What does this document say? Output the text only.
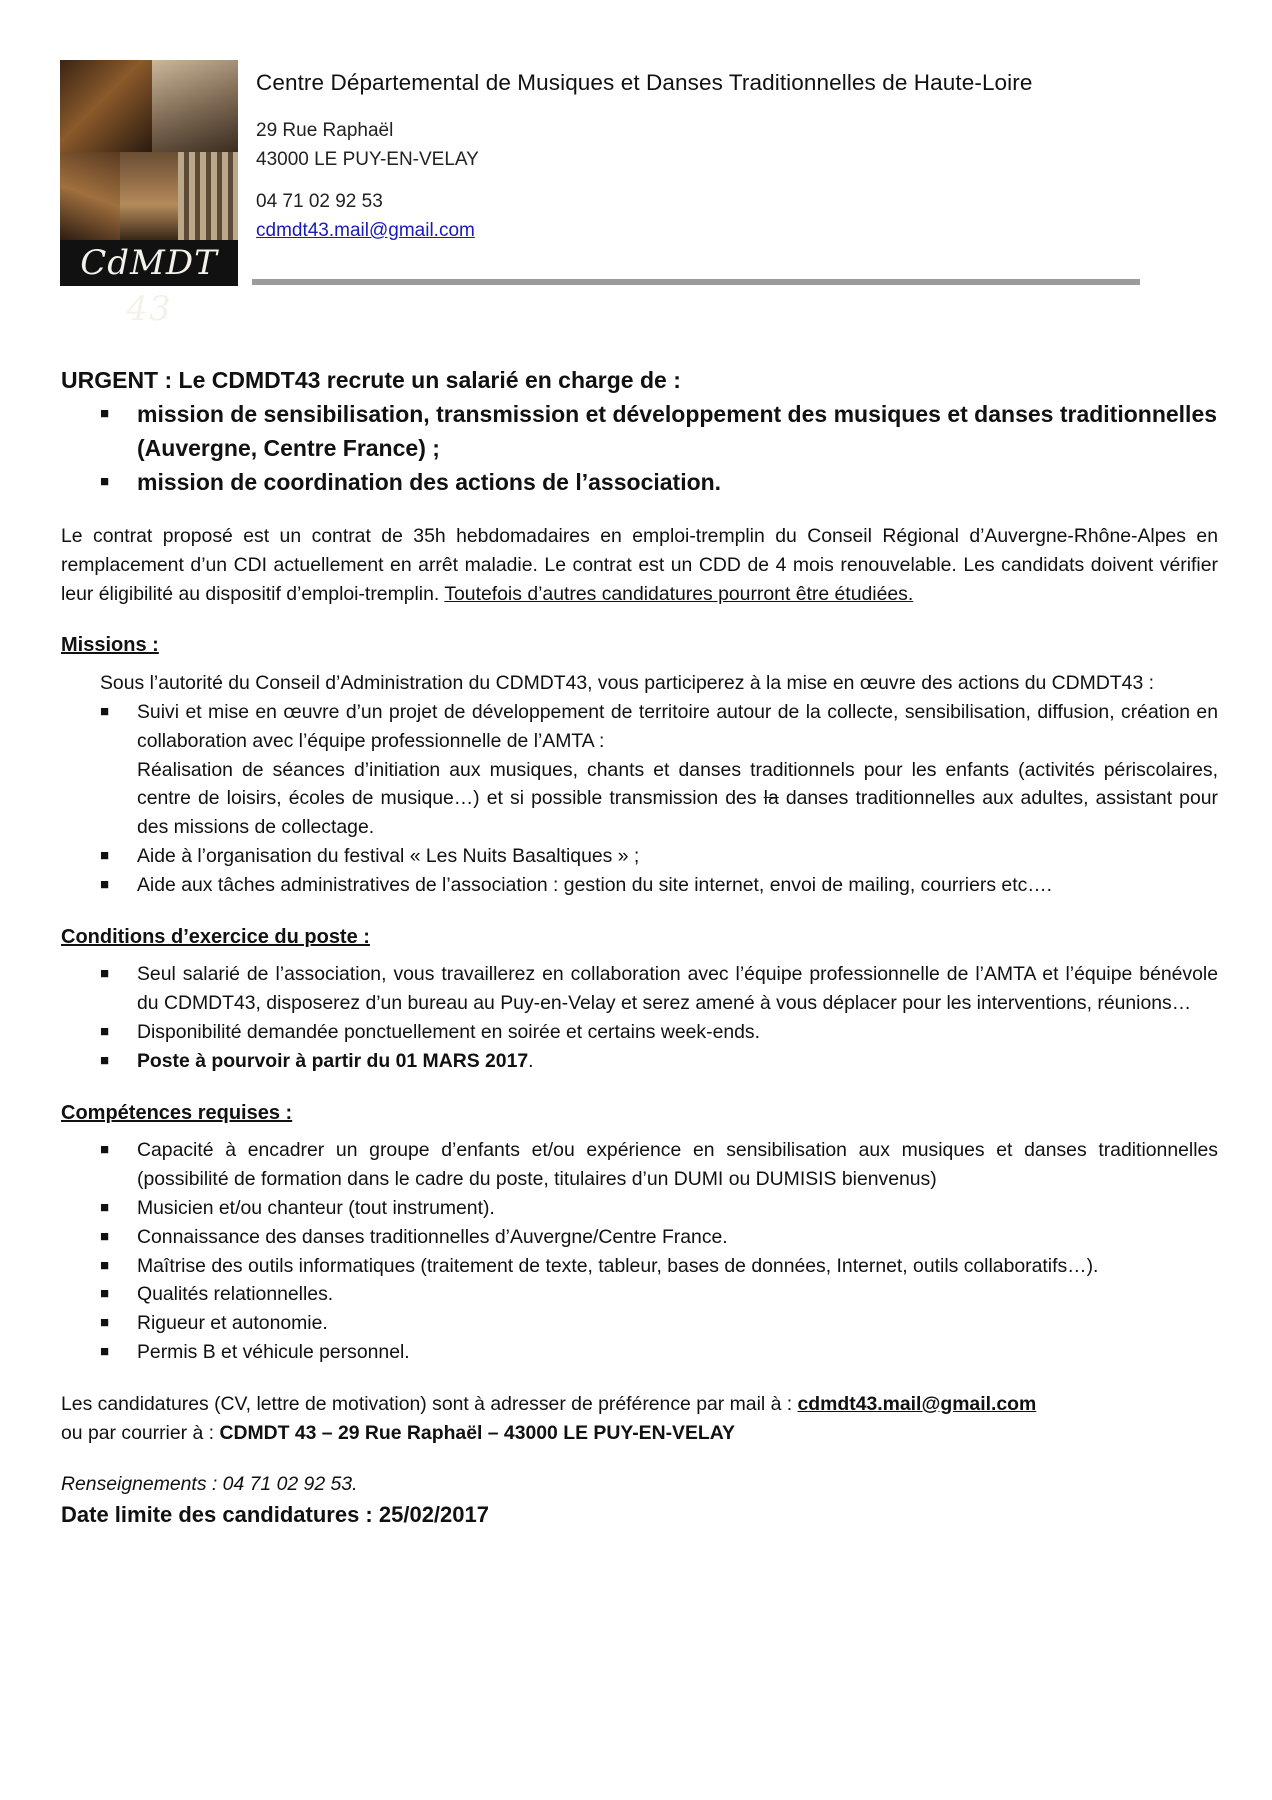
CdMDT 43
Centre Départemental de Musiques et Danses Traditionnelles de Haute-Loire
29 Rue Raphaël
43000 LE PUY-EN-VELAY
04 71 02 92 53
cdmdt43.mail@gmail.com

URGENT : Le CDMDT43 recrute un salarié en charge de :

■ mission de sensibilisation, transmission et développement des musiques et danses traditionnelles (Auvergne, Centre France) ;
■ mission de coordination des actions de l’association.

Le contrat proposé est un contrat de 35h hebdomadaires en emploi-tremplin du Conseil Régional d’Auvergne-Rhône-Alpes en remplacement d’un CDI actuellement en arrêt maladie. Le contrat est un CDD de 4 mois renouvelable. Les candidats doivent vérifier leur éligibilité au dispositif d’emploi-tremplin. Toutefois d’autres candidatures pourront être étudiées.

Missions :

Sous l’autorité du Conseil d’Administration du CDMDT43, vous participerez à la mise en œuvre des actions du CDMDT43 :

■ Suivi et mise en œuvre d’un projet de développement de territoire autour de la collecte, sensibilisation, diffusion, création en collaboration avec l’équipe professionnelle de l’AMTA :
Réalisation de séances d’initiation aux musiques, chants et danses traditionnels pour les enfants (activités périscolaires, centre de loisirs, écoles de musique…) et si possible transmission des la danses traditionnelles aux adultes, assistant pour des missions de collectage.
■ Aide à l’organisation du festival « Les Nuits Basaltiques » ;
■ Aide aux tâches administratives de l’association : gestion du site internet, envoi de mailing, courriers etc….

Conditions d’exercice du poste :

■ Seul salarié de l’association, vous travaillerez en collaboration avec l’équipe professionnelle de l’AMTA et l’équipe bénévole du CDMDT43, disposerez d’un bureau au Puy-en-Velay et serez amené à vous déplacer pour les interventions, réunions…
■ Disponibilité demandée ponctuellement en soirée et certains week-ends.
■ Poste à pourvoir à partir du 01 MARS 2017.

Compétences requises :

■ Capacité à encadrer un groupe d’enfants et/ou expérience en sensibilisation aux musiques et danses traditionnelles (possibilité de formation dans le cadre du poste, titulaires d’un DUMI ou DUMISIS bienvenus)
■ Musicien et/ou chanteur (tout instrument).
■ Connaissance des danses traditionnelles d’Auvergne/Centre France.
■ Maîtrise des outils informatiques (traitement de texte, tableur, bases de données, Internet, outils collaboratifs…).
■ Qualités relationnelles.
■ Rigueur et autonomie.
■ Permis B et véhicule personnel.

Les candidatures (CV, lettre de motivation) sont à adresser de préférence par mail à : cdmdt43.mail@gmail.com
ou par courrier à : CDMDT 43 – 29 Rue Raphaël – 43000 LE PUY-EN-VELAY

Renseignements : 04 71 02 92 53.

Date limite des candidatures : 25/02/2017
